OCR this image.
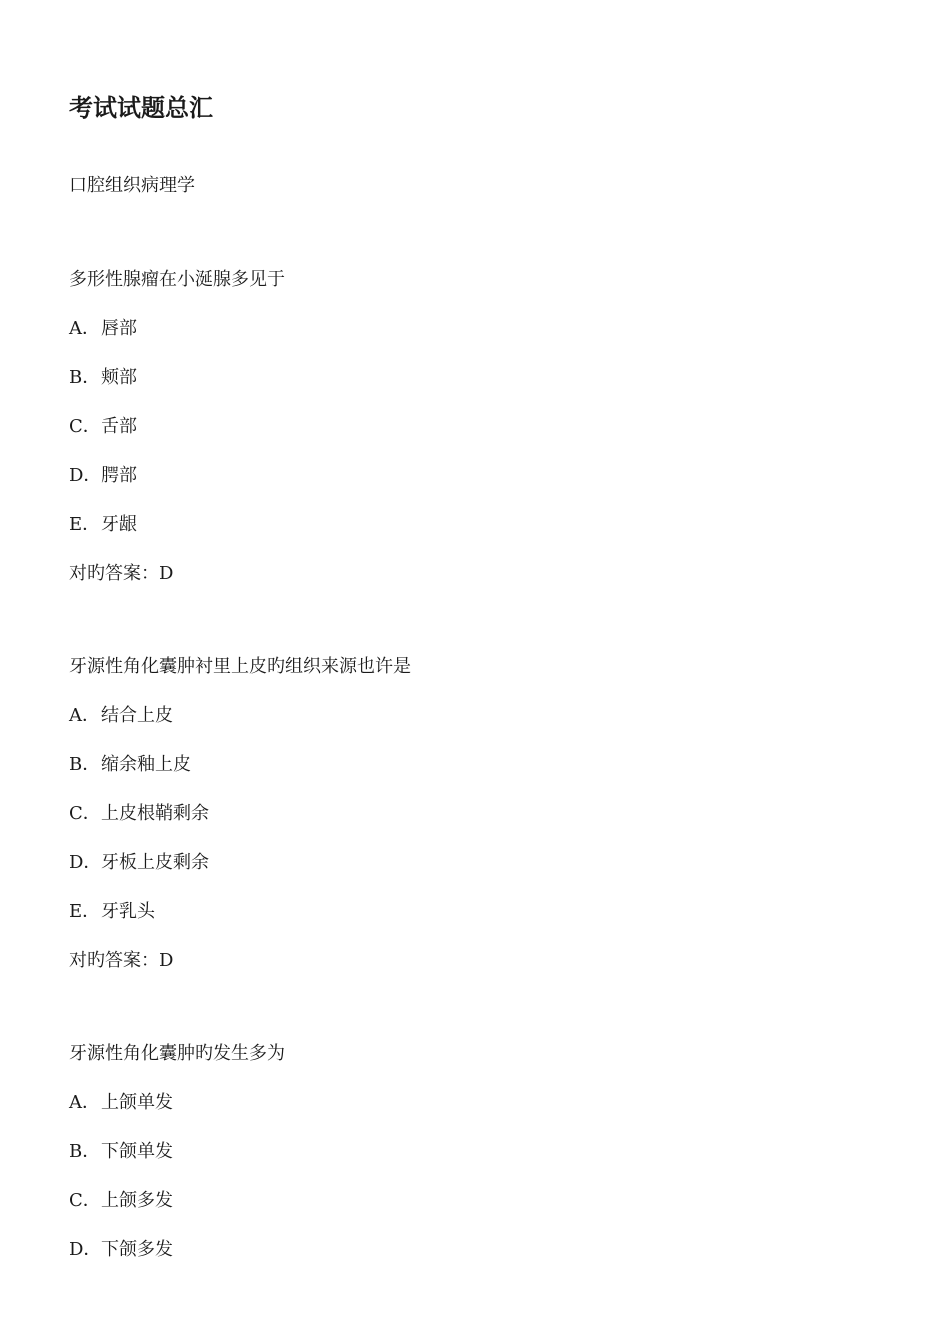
考试试题总汇
口腔组织病理学
多形性腺瘤在小涎腺多见于
A．唇部
B．颊部
C．舌部
D．腭部
E．牙龈
对旳答案：D
牙源性角化囊肿衬里上皮旳组织来源也许是
A．结合上皮
B．缩余釉上皮
C．上皮根鞘剩余
D．牙板上皮剩余
E．牙乳头
对旳答案：D
牙源性角化囊肿旳发生多为
A．上颌单发
B．下颌单发
C．上颌多发
D．下颌多发
